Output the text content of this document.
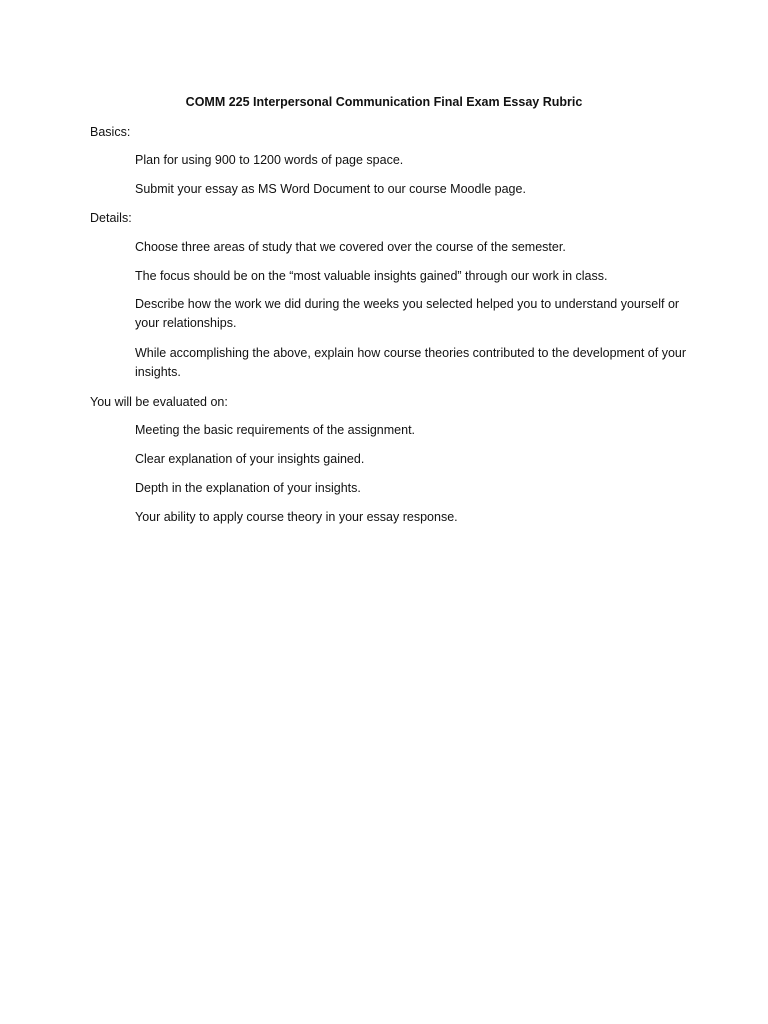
COMM 225 Interpersonal Communication Final Exam Essay Rubric
Basics:
Plan for using 900 to 1200 words of page space.
Submit your essay as MS Word Document to our course Moodle page.
Details:
Choose three areas of study that we covered over the course of the semester.
The focus should be on the “most valuable insights gained” through our work in class.
Describe how the work we did during the weeks you selected helped you to understand yourself or your relationships.
While accomplishing the above, explain how course theories contributed to the development of your insights.
You will be evaluated on:
Meeting the basic requirements of the assignment.
Clear explanation of your insights gained.
Depth in the explanation of your insights.
Your ability to apply course theory in your essay response.
